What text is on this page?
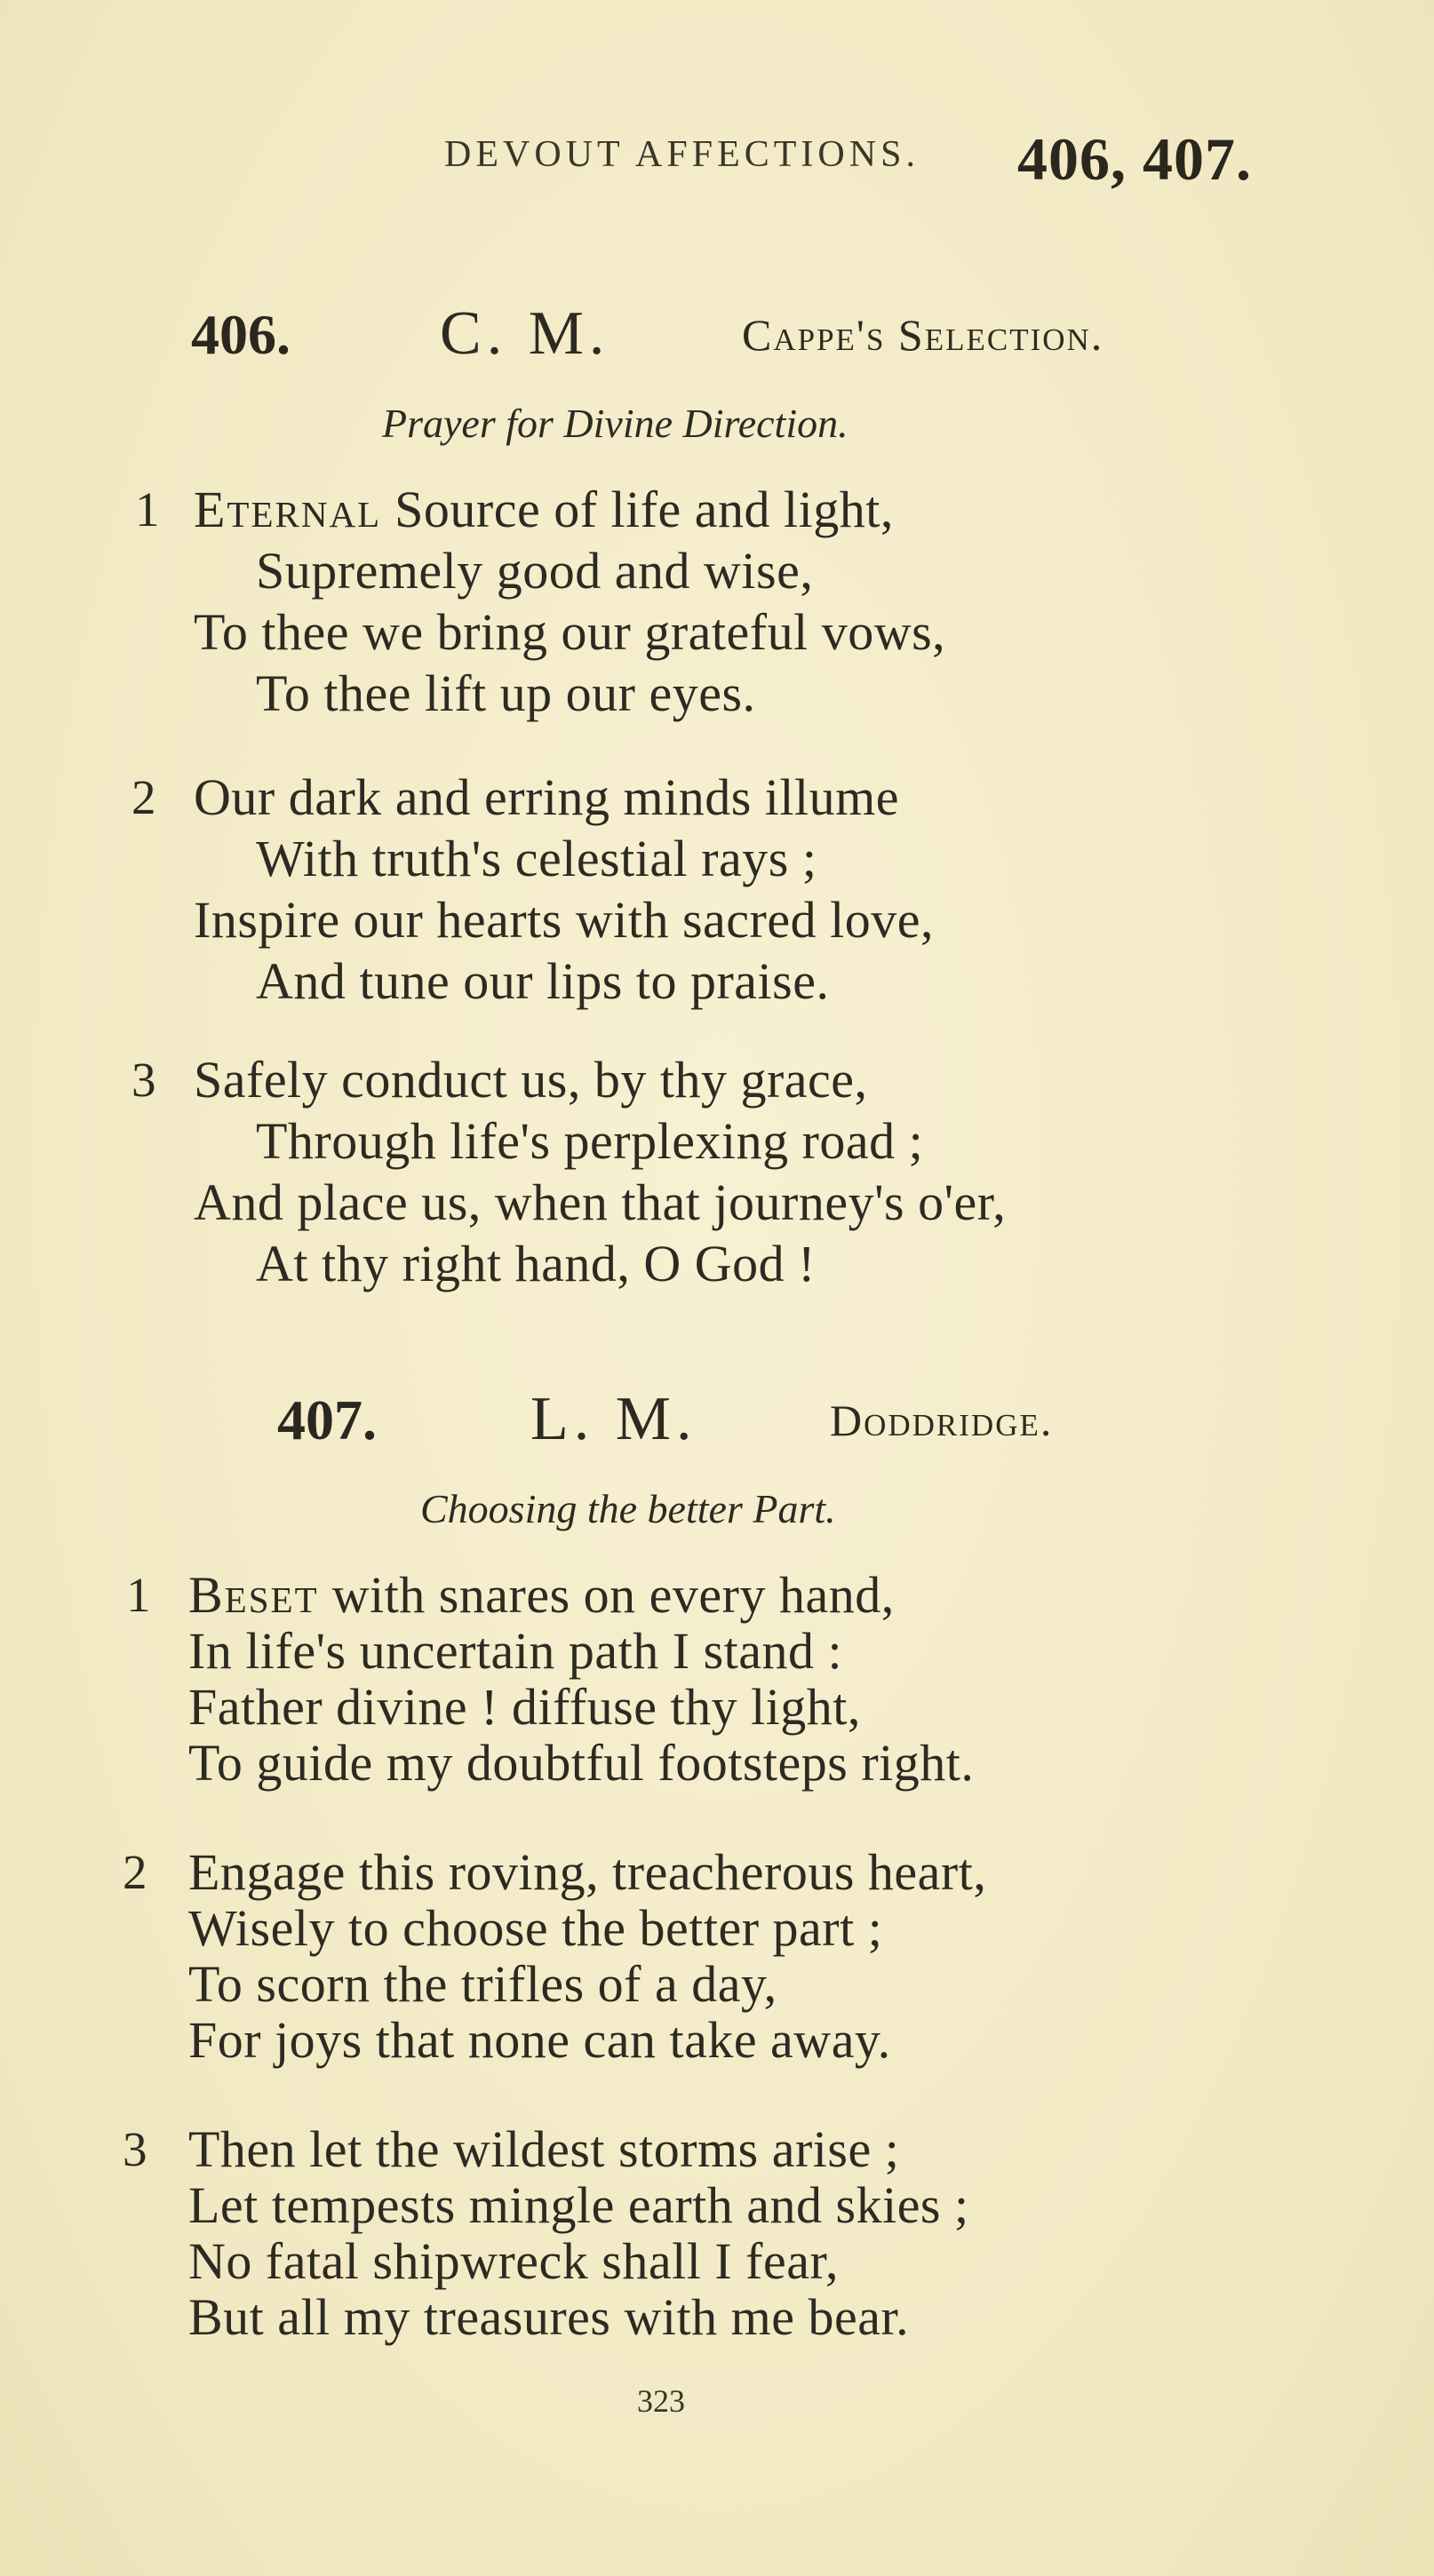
DEVOUT AFFECTIONS. 406, 407.
406. C. M.	Cappe's Selection.
Prayer for Divine Direction.
1 Eternal Source of life and light,
Supremely good and wise,
To thee we bring our grateful vows,
To thee lift up our eyes.
2 Our dark and erring minds illume
With truth's celestial rays ;
Inspire our hearts with sacred love,
And tune our lips to praise.
3 Safely conduct us, by thy grace,
Through life's perplexing road ;
And place us, when that journey's o'er,
At thy right hand, O God !
407. L. M.	Doddridge.
Choosing the better Part.
1 Beset with snares on every hand,
In life's uncertain path I stand :
Father divine ! diffuse thy light,
To guide my doubtful footsteps right.
2 Engage this roving, treacherous heart,
Wisely to choose the better part ;
To scorn the trifles of a day,
For joys that none can take away.
3 Then let the wildest storms arise ;
Let tempests mingle earth and skies ;
No fatal shipwreck shall I fear,
But all my treasures with me bear.
323
